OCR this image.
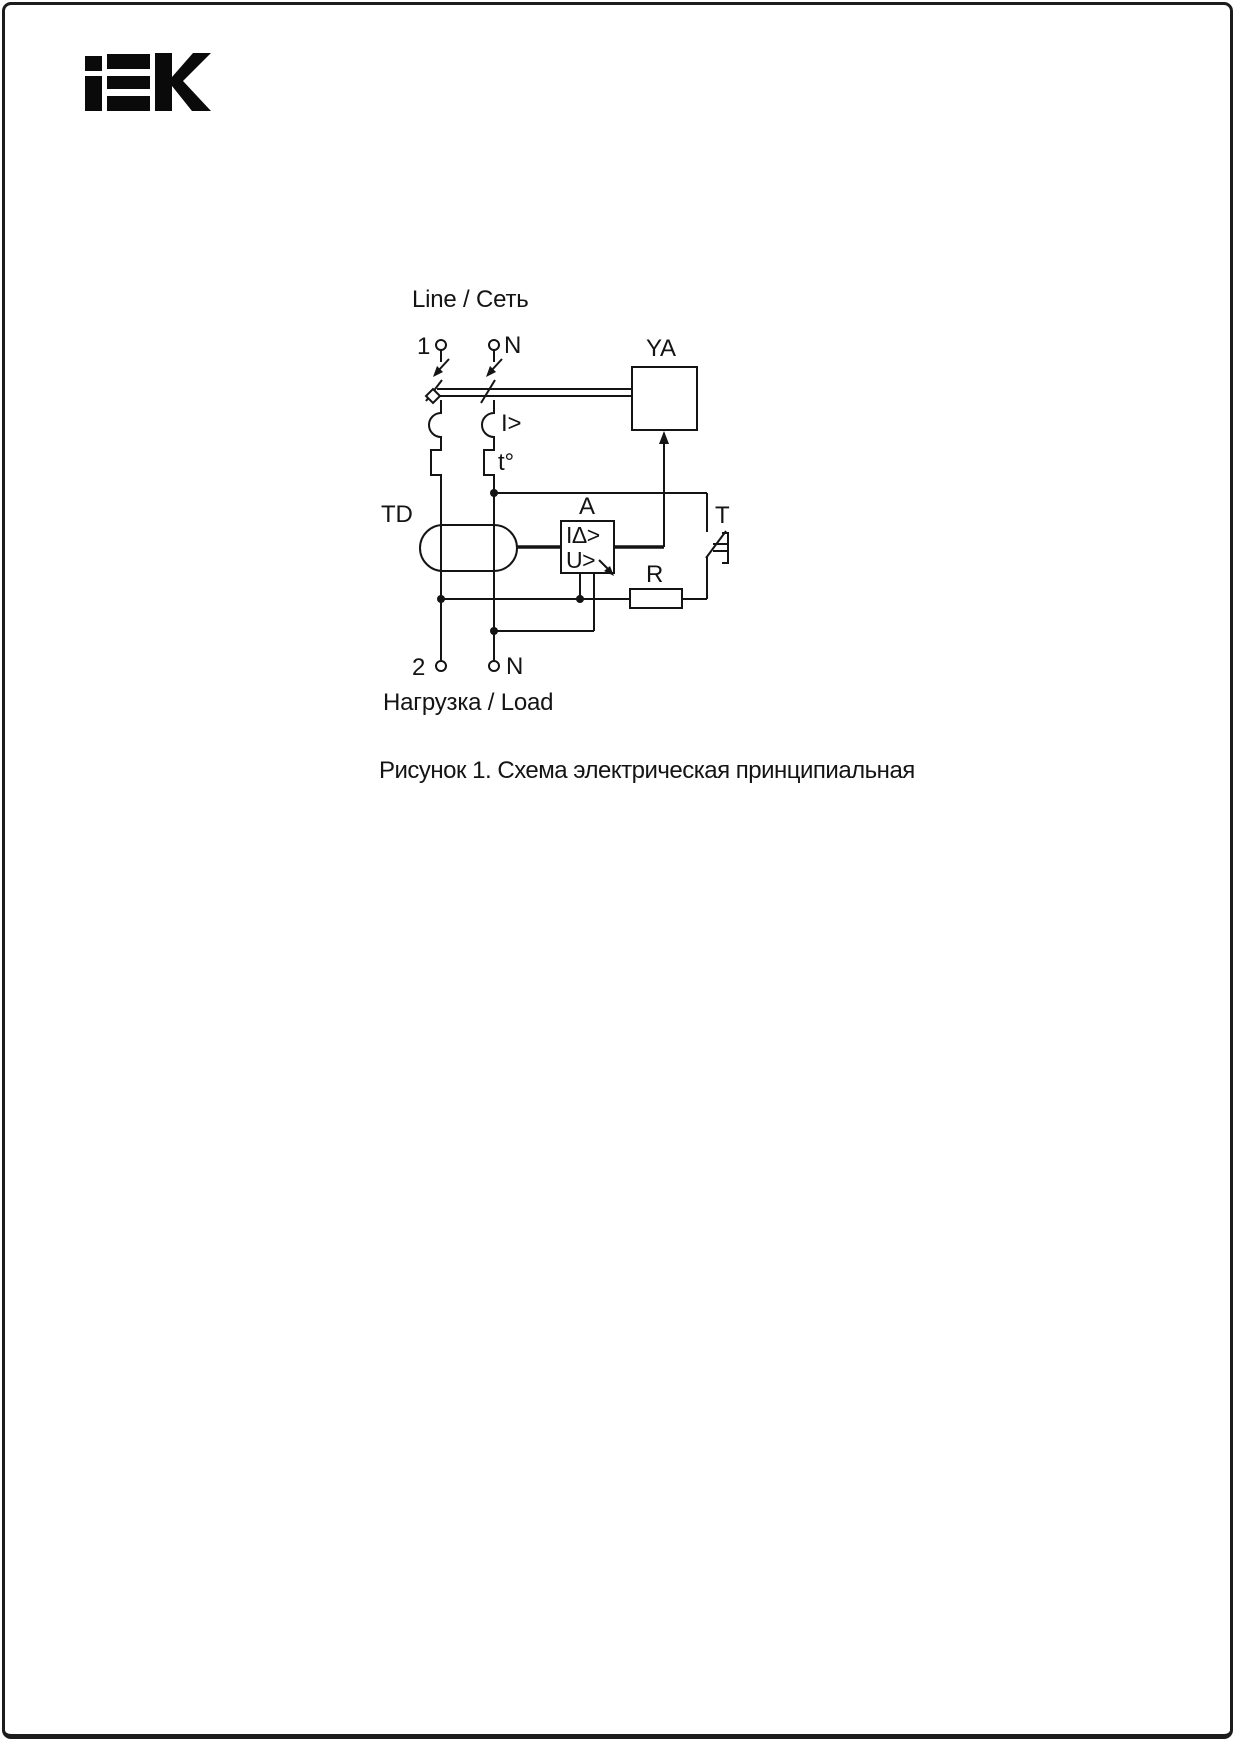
Line / Сеть
1	N	YA
I>
t°
TD	A	T
R
2	N
Нагрузка / Load
IΔ>
U>
Рисунок 1. Схема электрическая принципиальная
